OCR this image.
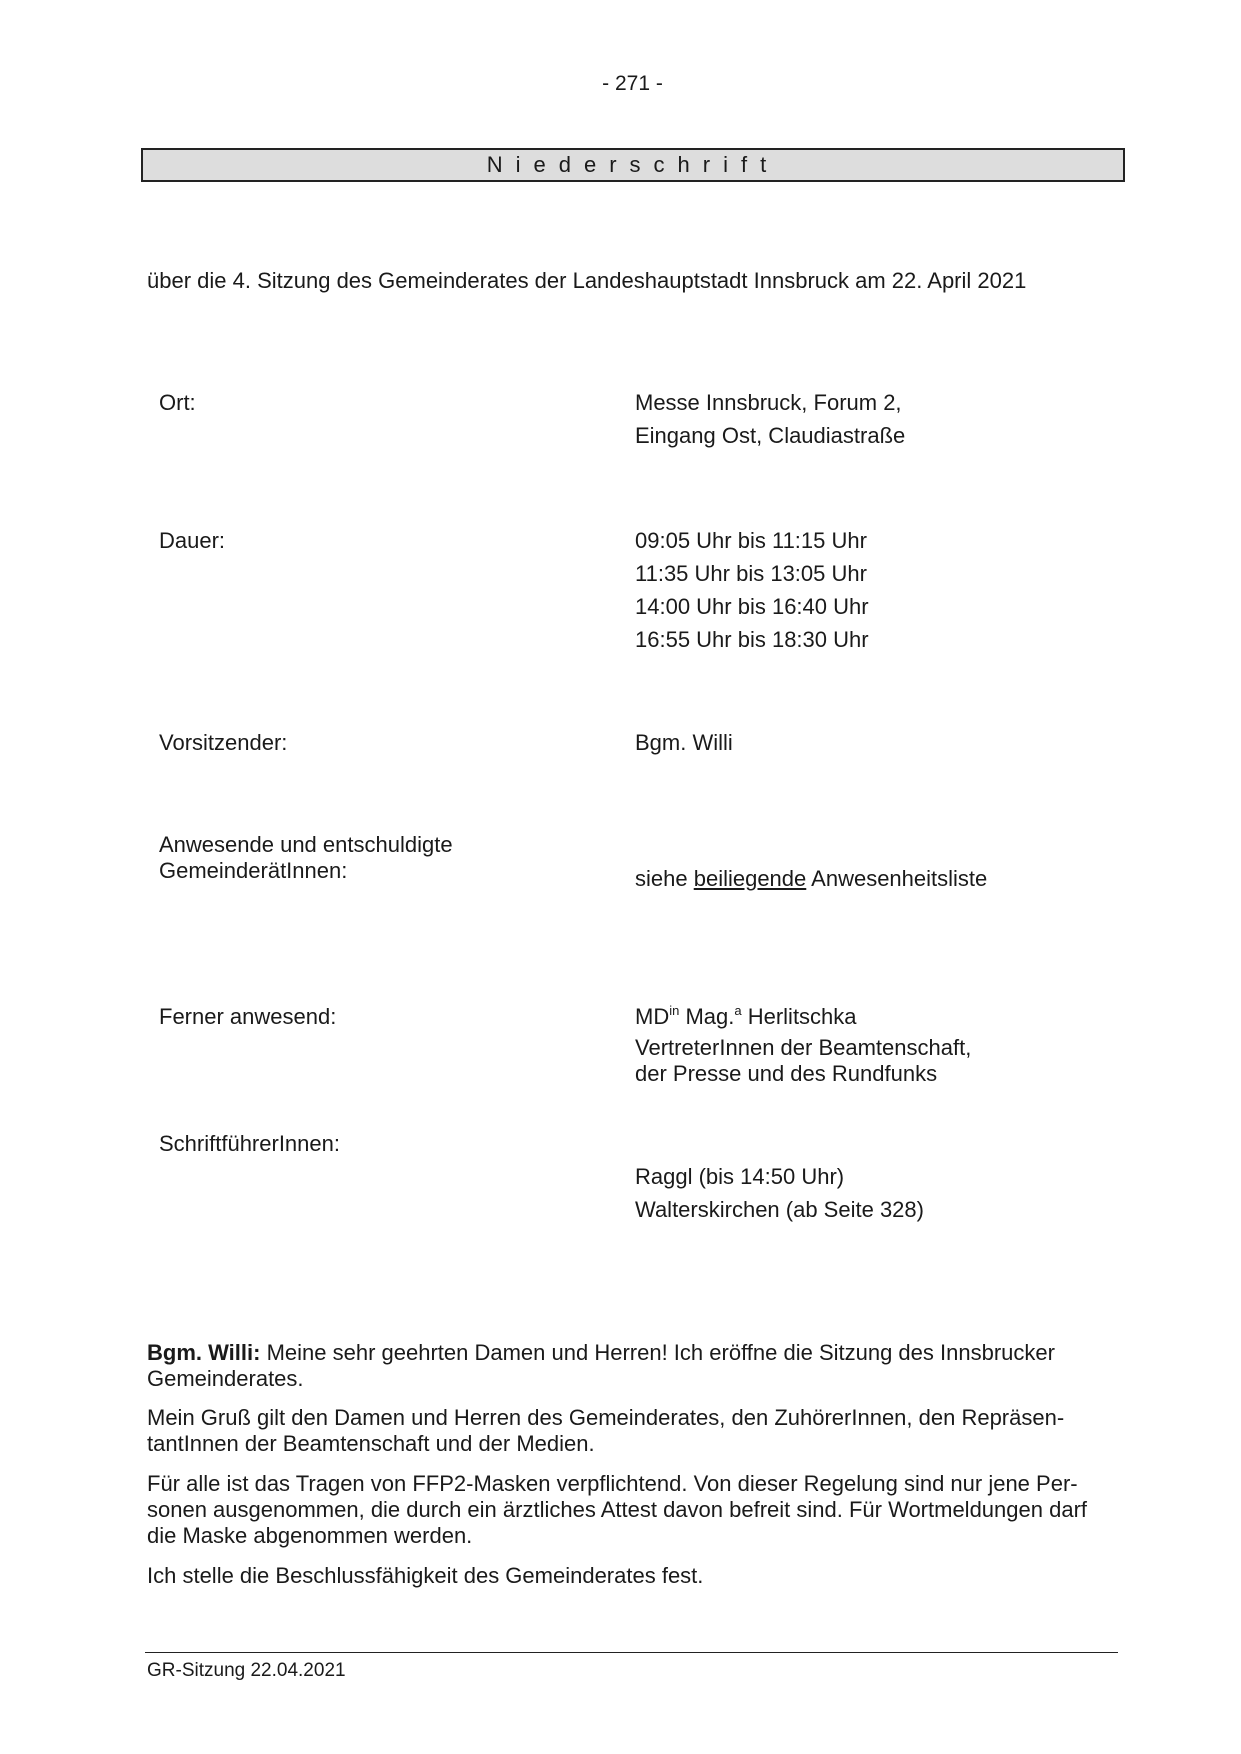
- 271 -
Niederschrift
über die 4. Sitzung des Gemeinderates der Landeshauptstadt Innsbruck am 22. April 2021
Ort:	Messe Innsbruck, Forum 2,
Eingang Ost, Claudiastraße
Dauer:	09:05 Uhr bis 11:15 Uhr
11:35 Uhr bis 13:05 Uhr
14:00 Uhr bis 16:40 Uhr
16:55 Uhr bis 18:30 Uhr
Vorsitzender:	Bgm. Willi
Anwesende und entschuldigte
GemeinderätInnen:	siehe beiliegende Anwesenheitsliste
Ferner anwesend:	$MD^{in}$ Mag.$^a$ Herlitschka
VertreterInnen der Beamtenschaft,
der Presse und des Rundfunks
SchriftführerInnen:
Raggl (bis 14:50 Uhr)
Walterskirchen (ab Seite 328)

Bgm. Willi: Meine sehr geehrten Damen und Herren! Ich eröffne die Sitzung des Innsbrucker Gemeinderates.

Mein Gruß gilt den Damen und Herren des Gemeinderates, den ZuhörerInnen, den Repräsen-tantInnen der Beamtenschaft und der Medien.

Für alle ist das Tragen von FFP2-Masken verpflichtend. Von dieser Regelung sind nur jene Per-sonen ausgenommen, die durch ein ärztliches Attest davon befreit sind. Für Wortmeldungen darf die Maske abgenommen werden.

Ich stelle die Beschlussfähigkeit des Gemeinderates fest.

GR-Sitzung 22.04.2021
